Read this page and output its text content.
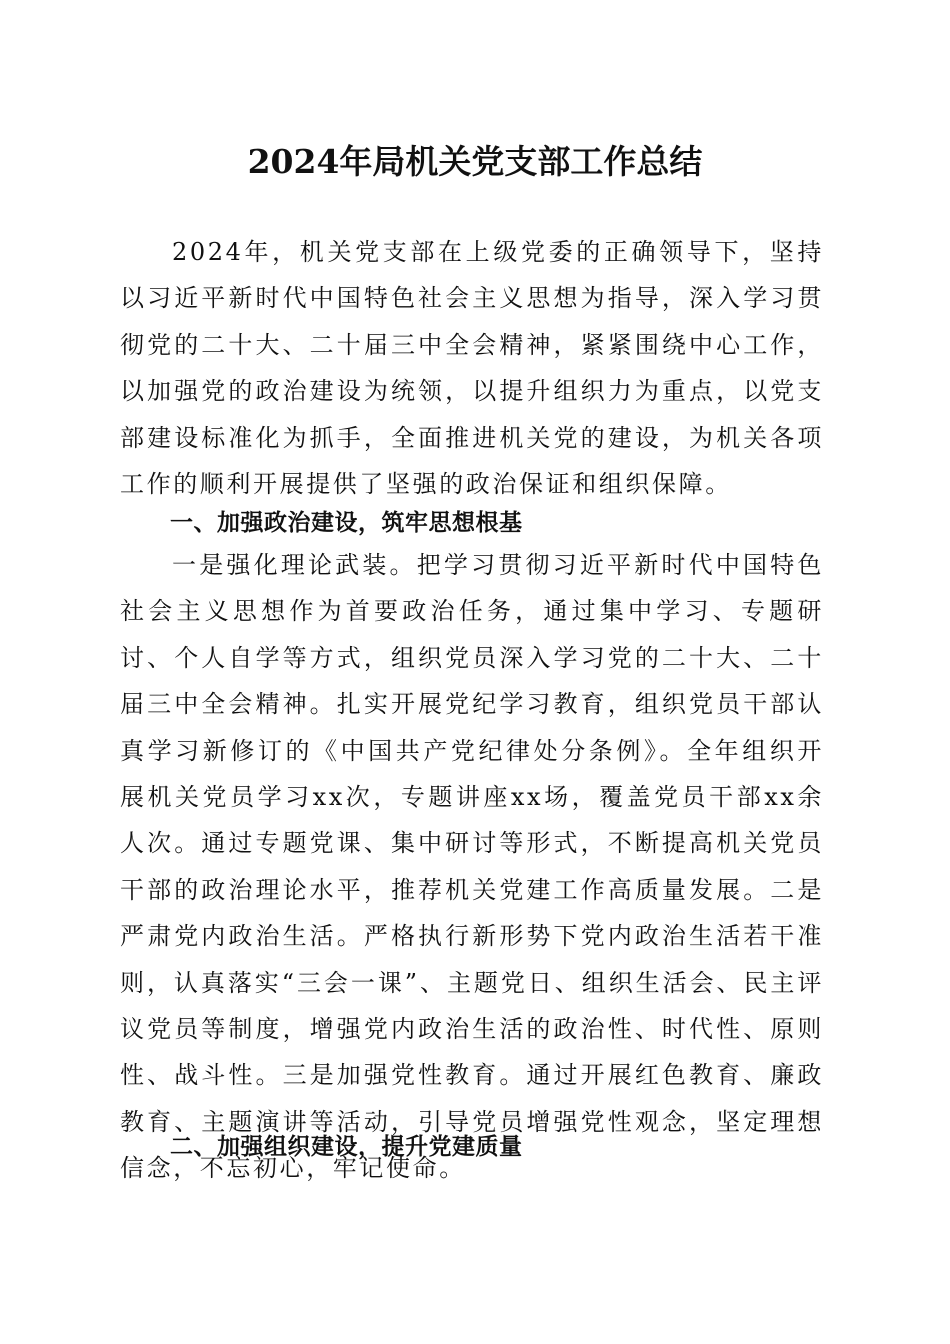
2024年局机关党支部工作总结

2024年，机关党支部在上级党委的正确领导下，坚持以习近平新时代中国特色社会主义思想为指导，深入学习贯彻党的二十大、二十届三中全会精神，紧紧围绕中心工作，以加强党的政治建设为统领，以提升组织力为重点，以党支部建设标准化为抓手，全面推进机关党的建设，为机关各项工作的顺利开展提供了坚强的政治保证和组织保障。

一、加强政治建设，筑牢思想根基

一是强化理论武装。把学习贯彻习近平新时代中国特色社会主义思想作为首要政治任务，通过集中学习、专题研讨、个人自学等方式，组织党员深入学习党的二十大、二十届三中全会精神。扎实开展党纪学习教育，组织党员干部认真学习新修订的《中国共产党纪律处分条例》。全年组织开展机关党员学习xx次，专题讲座xx场，覆盖党员干部xx余人次。通过专题党课、集中研讨等形式，不断提高机关党员干部的政治理论水平，推荐机关党建工作高质量发展。二是严肃党内政治生活。严格执行新形势下党内政治生活若干准则，认真落实“三会一课”、主题党日、组织生活会、民主评议党员等制度，增强党内政治生活的政治性、时代性、原则性、战斗性。三是加强党性教育。通过开展红色教育、廉政教育、主题演讲等活动，引导党员增强党性观念，坚定理想信念，不忘初心，牢记使命。

二、加强组织建设，提升党建质量
